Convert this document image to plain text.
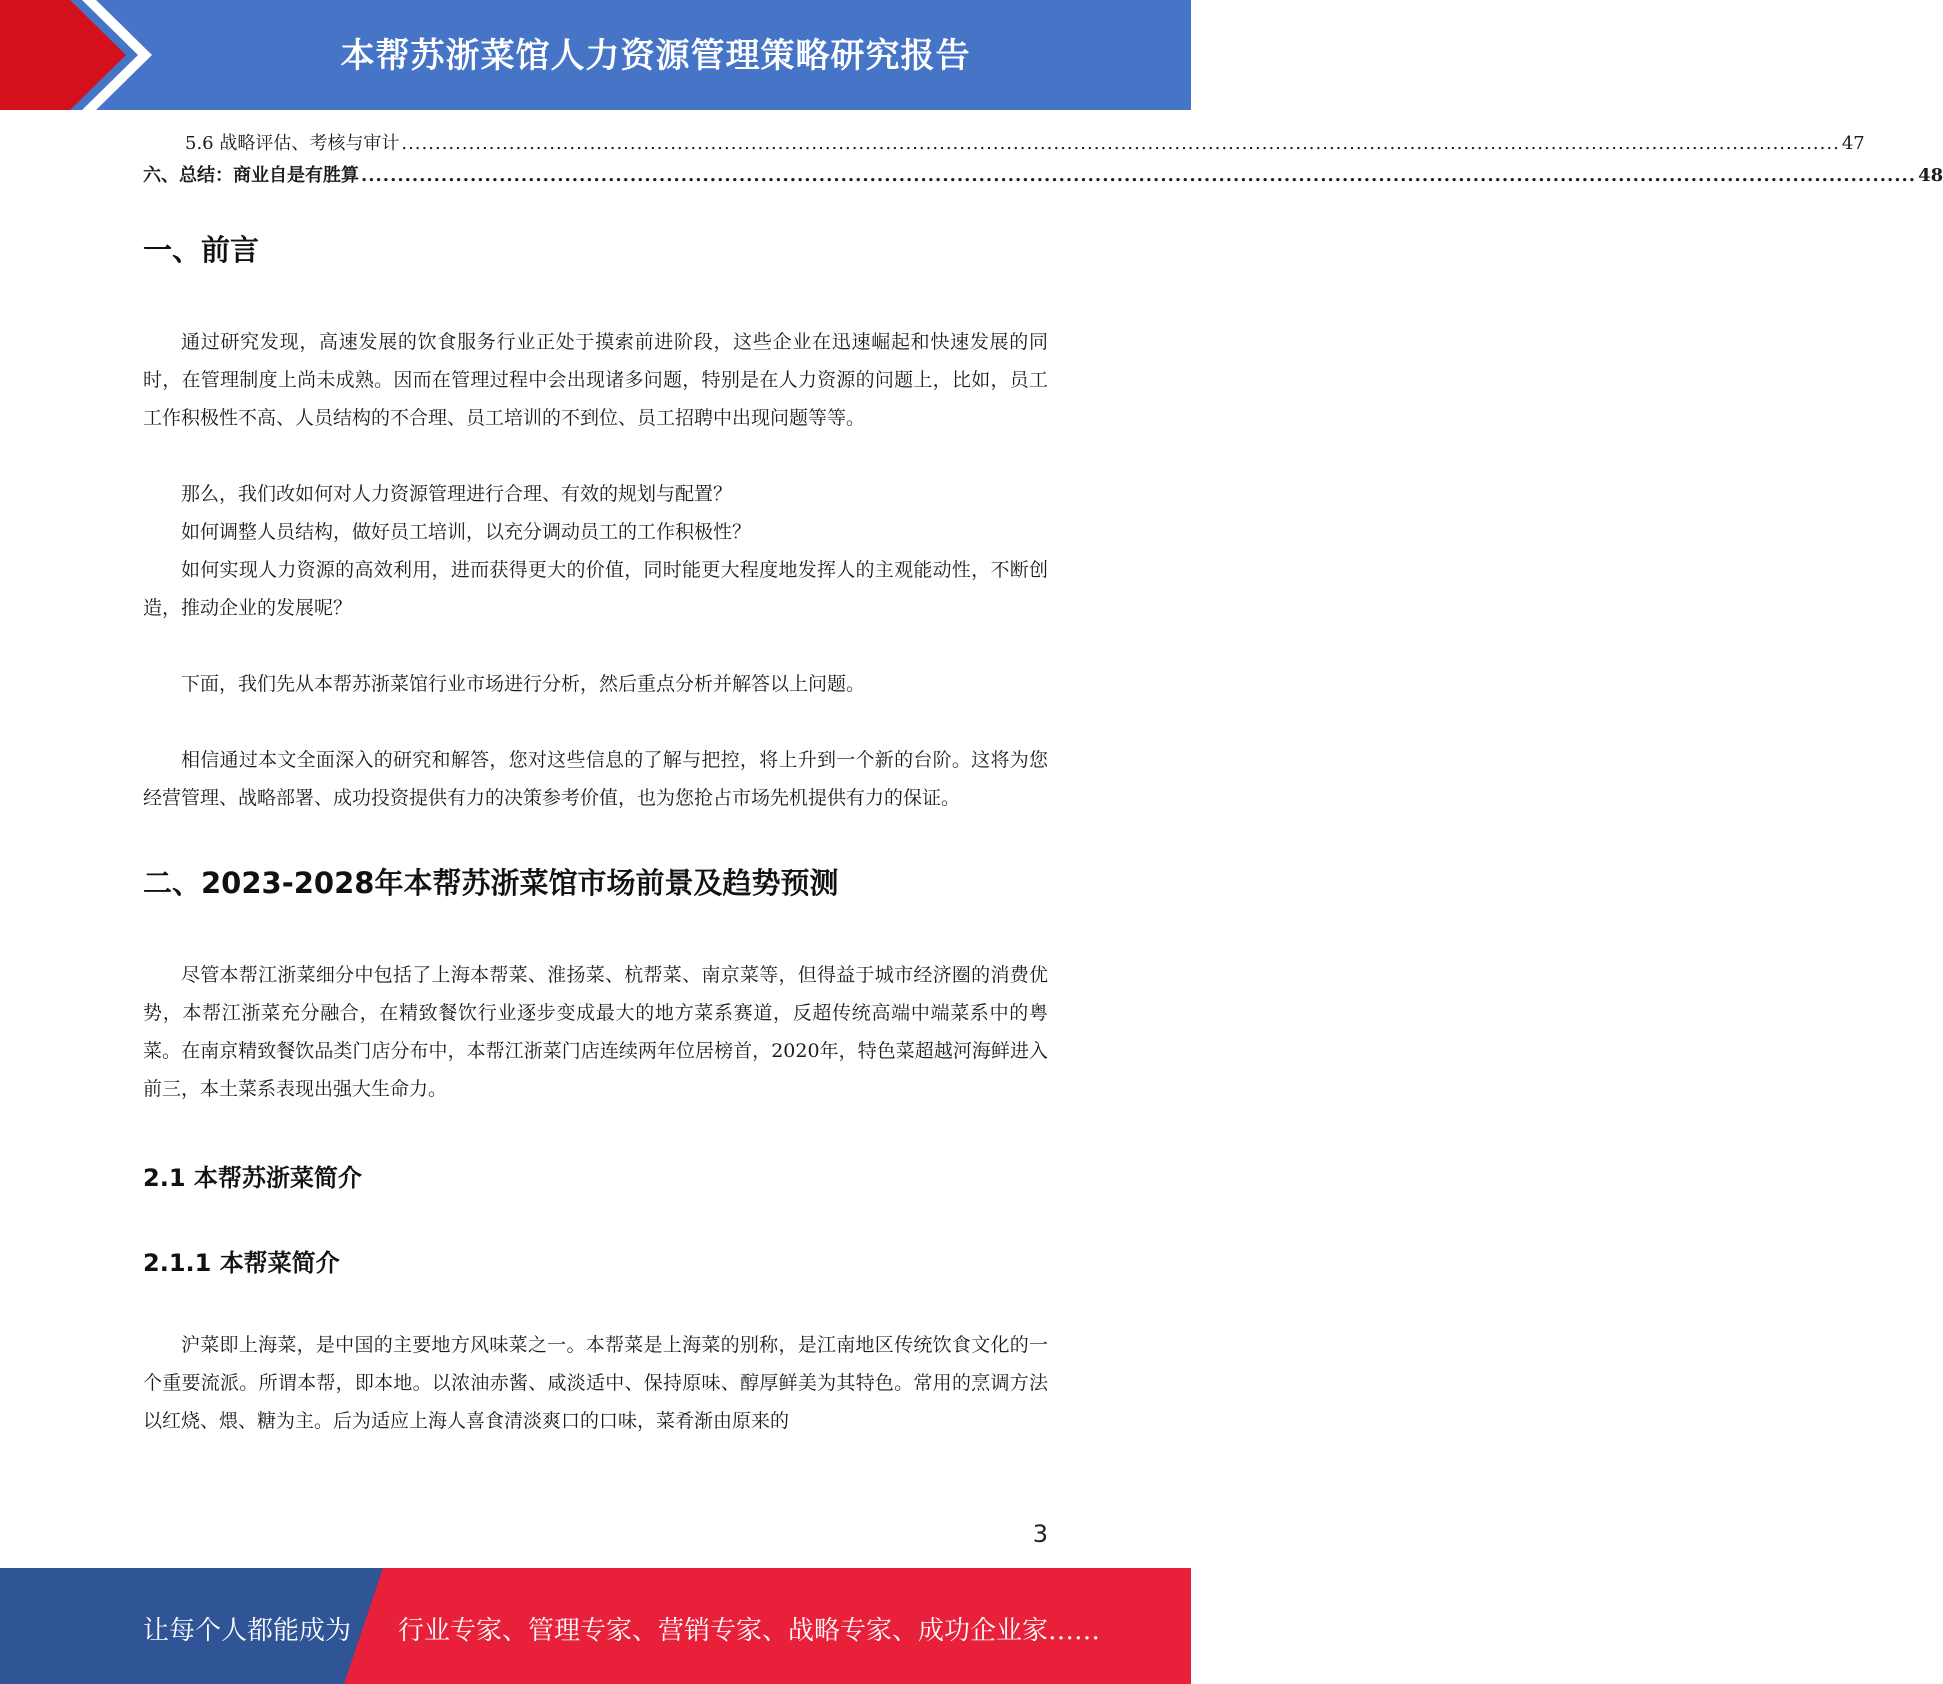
本帮苏浙菜馆人力资源管理策略研究报告
5.6 战略评估、考核与审计 ...................................................................................................................................................................................................................... 47
六、总结：商业自是有胜算 ...................................................................................................................................................................................................................... 48
一、前言

通过研究发现，高速发展的饮食服务行业正处于摸索前进阶段，这些企业在迅速崛起和快速发展的同时，在管理制度上尚未成熟。因而在管理过程中会出现诸多问题，特别是在人力资源的问题上，比如，员工工作积极性不高、人员结构的不合理、员工培训的不到位、员工招聘中出现问题等等。

那么，我们改如何对人力资源管理进行合理、有效的规划与配置？

如何调整人员结构，做好员工培训，以充分调动员工的工作积极性？

如何实现人力资源的高效利用，进而获得更大的价值，同时能更大程度地发挥人的主观能动性，不断创造，推动企业的发展呢？

下面，我们先从本帮苏浙菜馆行业市场进行分析，然后重点分析并解答以上问题。

相信通过本文全面深入的研究和解答，您对这些信息的了解与把控，将上升到一个新的台阶。这将为您经营管理、战略部署、成功投资提供有力的决策参考价值，也为您抢占市场先机提供有力的保证。

二、2023-2028年本帮苏浙菜馆市场前景及趋势预测

尽管本帮江浙菜细分中包括了上海本帮菜、淮扬菜、杭帮菜、南京菜等，但得益于城市经济圈的消费优势，本帮江浙菜充分融合，在精致餐饮行业逐步变成最大的地方菜系赛道，反超传统高端中端菜系中的粤菜。在南京精致餐饮品类门店分布中，本帮江浙菜门店连续两年位居榜首，2020年，特色菜超越河海鲜进入前三，本土菜系表现出强大生命力。

2.1 本帮苏浙菜简介
2.1.1 本帮菜简介

沪菜即上海菜，是中国的主要地方风味菜之一。本帮菜是上海菜的别称，是江南地区传统饮食文化的一个重要流派。所谓本帮，即本地。以浓油赤酱、咸淡适中、保持原味、醇厚鲜美为其特色。常用的烹调方法以红烧、煨、糖为主。后为适应上海人喜食清淡爽口的口味，菜肴渐由原来的

3
让每个人都能成为 行业专家、管理专家、营销专家、战略专家、成功企业家……
